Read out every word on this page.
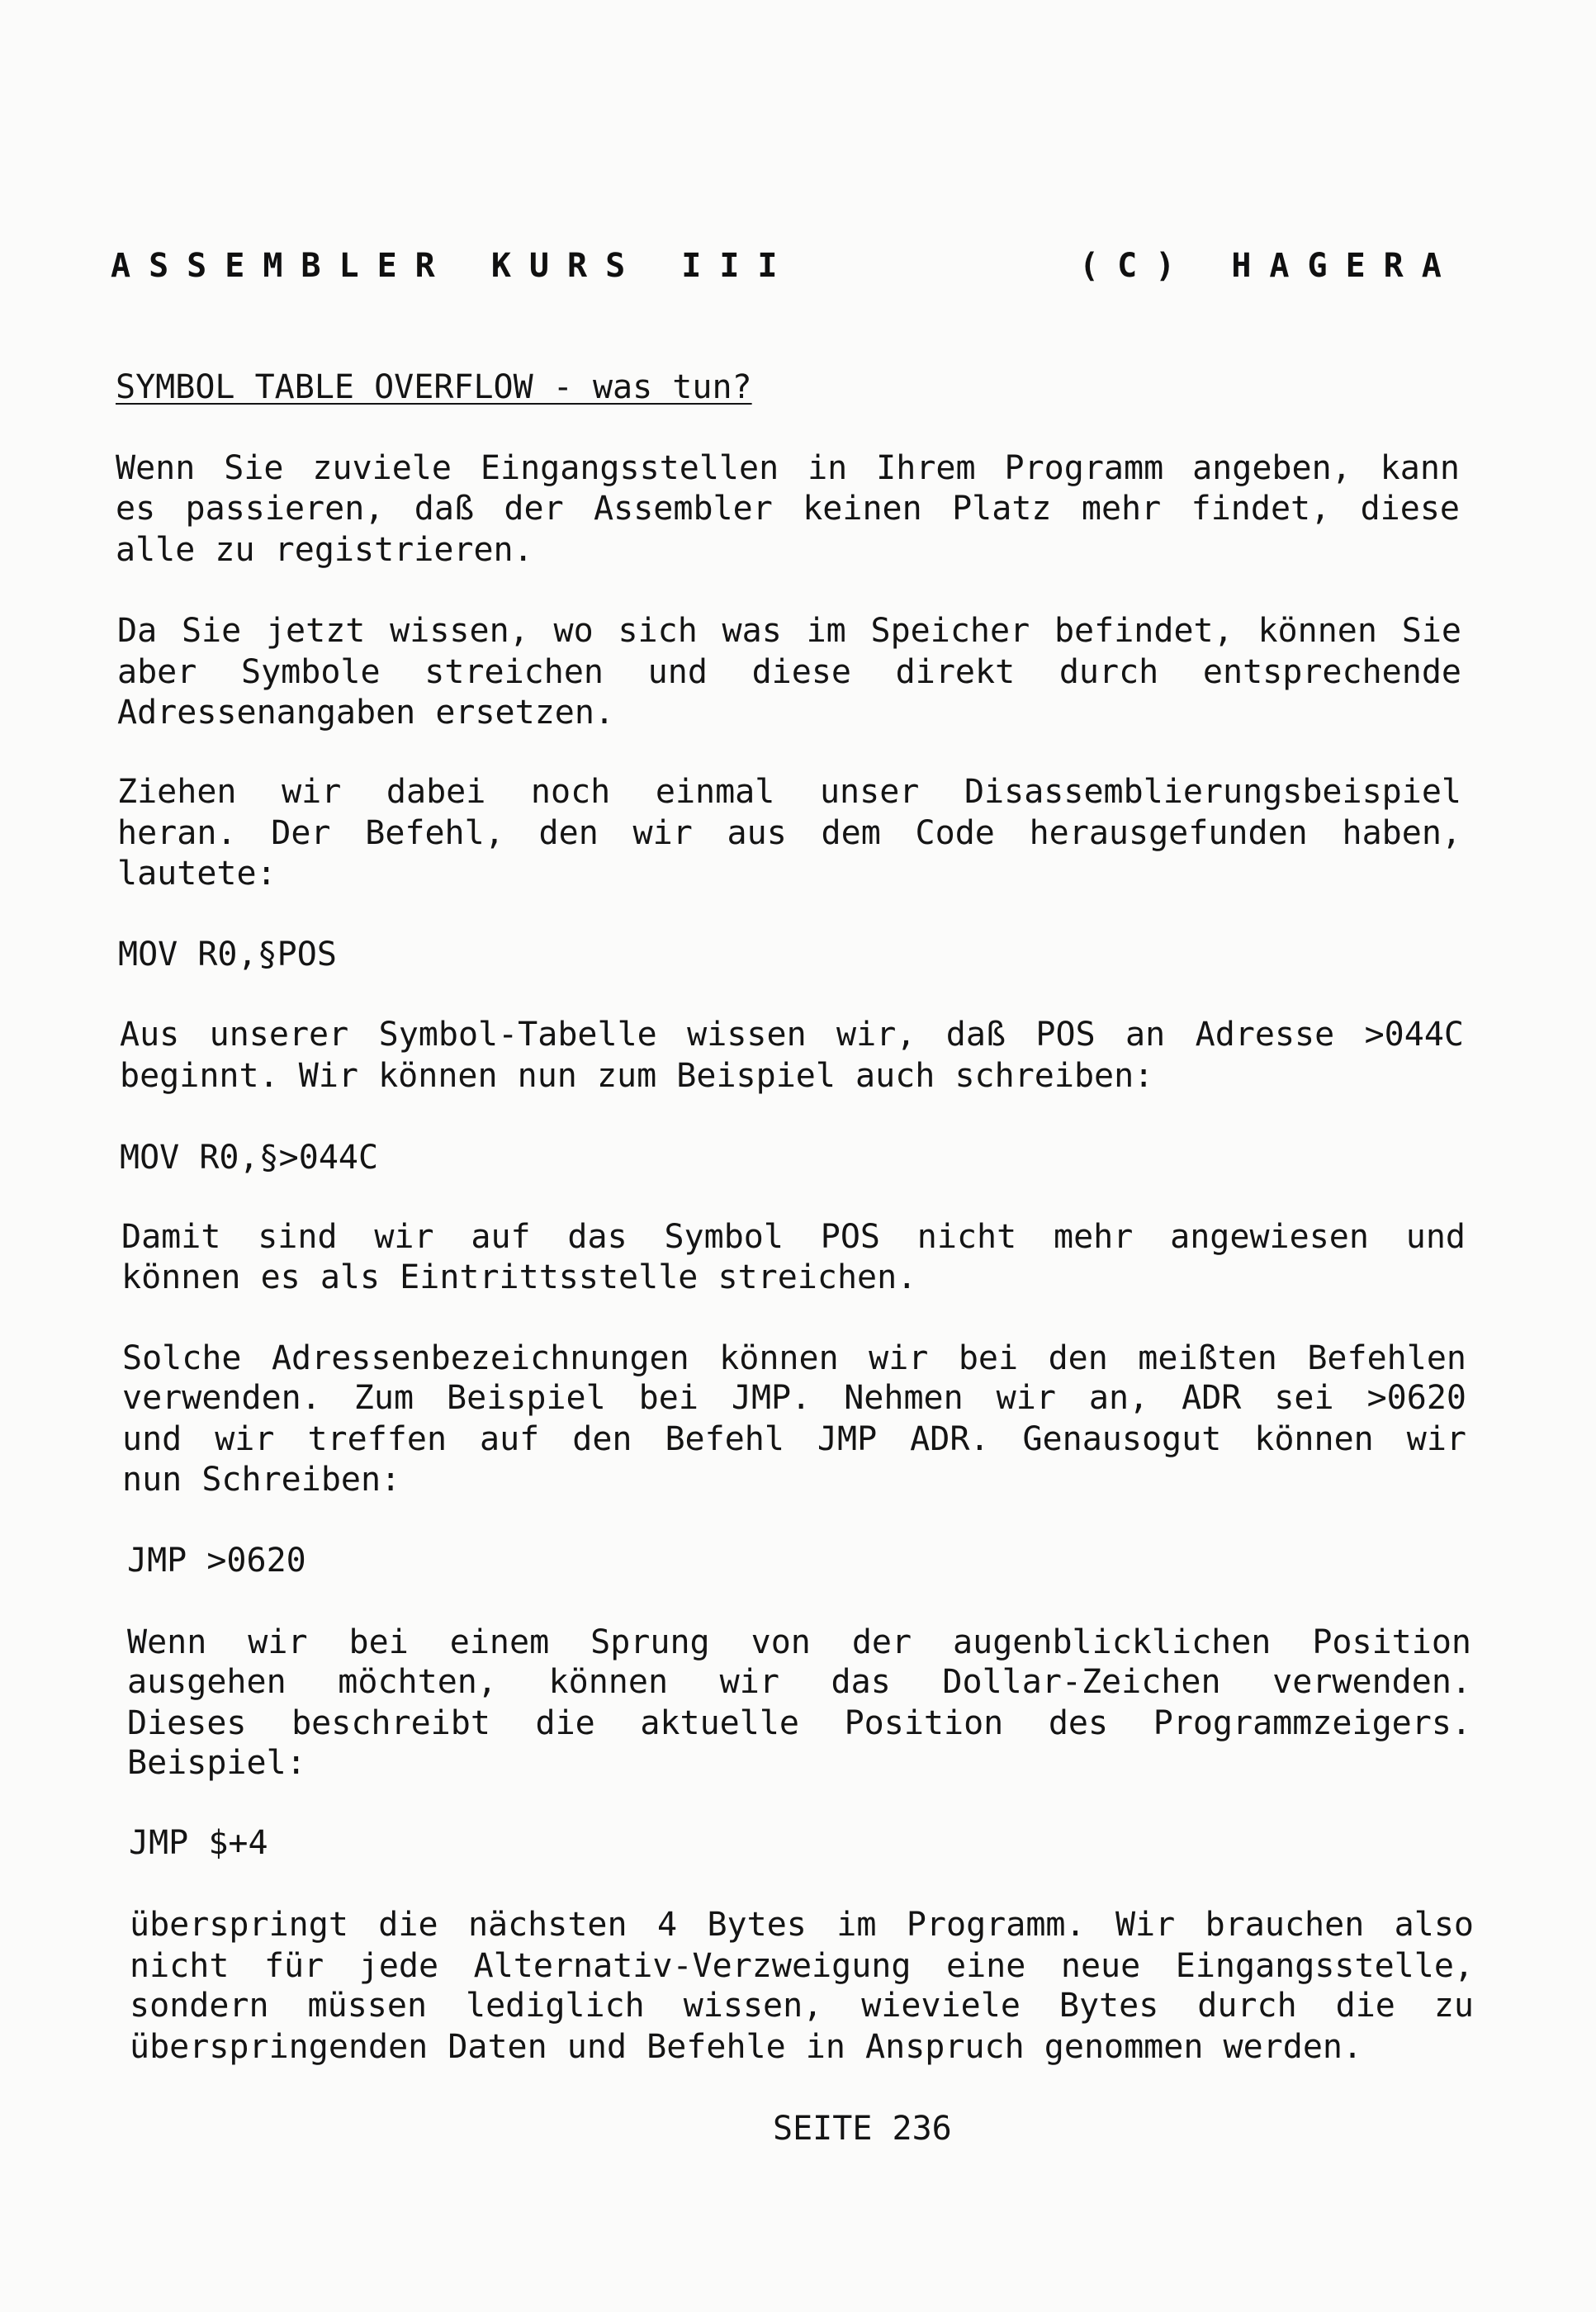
ASSEMBLER KURS III	(C) HAGERA
SYMBOL TABLE OVERFLOW - was tun?
Wenn Sie zuviele Eingangsstellen in Ihrem Programm angeben, kann
es passieren, daß der Assembler keinen Platz mehr findet, diese
alle zu registrieren.
Da Sie jetzt wissen, wo sich was im Speicher befindet, können Sie
aber Symbole streichen und diese direkt durch entsprechende
Adressenangaben ersetzen.
Ziehen wir dabei noch einmal unser Disassemblierungsbeispiel
heran. Der Befehl, den wir aus dem Code herausgefunden haben,
lautete:
MOV R0,§POS
Aus unserer Symbol-Tabelle wissen wir, daß POS an Adresse >044C
beginnt. Wir können nun zum Beispiel auch schreiben:
MOV R0,§>044C
Damit sind wir auf das Symbol POS nicht mehr angewiesen und
können es als Eintrittsstelle streichen.
Solche Adressenbezeichnungen können wir bei den meißten Befehlen
verwenden. Zum Beispiel bei JMP. Nehmen wir an, ADR sei >0620
und wir treffen auf den Befehl JMP ADR. Genausogut können wir
nun Schreiben:
JMP >0620
Wenn wir bei einem Sprung von der augenblicklichen Position
ausgehen möchten, können wir das Dollar-Zeichen verwenden.
Dieses beschreibt die aktuelle Position des Programmzeigers.
Beispiel:
JMP $+4
überspringt die nächsten 4 Bytes im Programm. Wir brauchen also
nicht für jede Alternativ-Verzweigung eine neue Eingangsstelle,
sondern müssen lediglich wissen, wieviele Bytes durch die zu
überspringenden Daten und Befehle in Anspruch genommen werden.
SEITE 236
